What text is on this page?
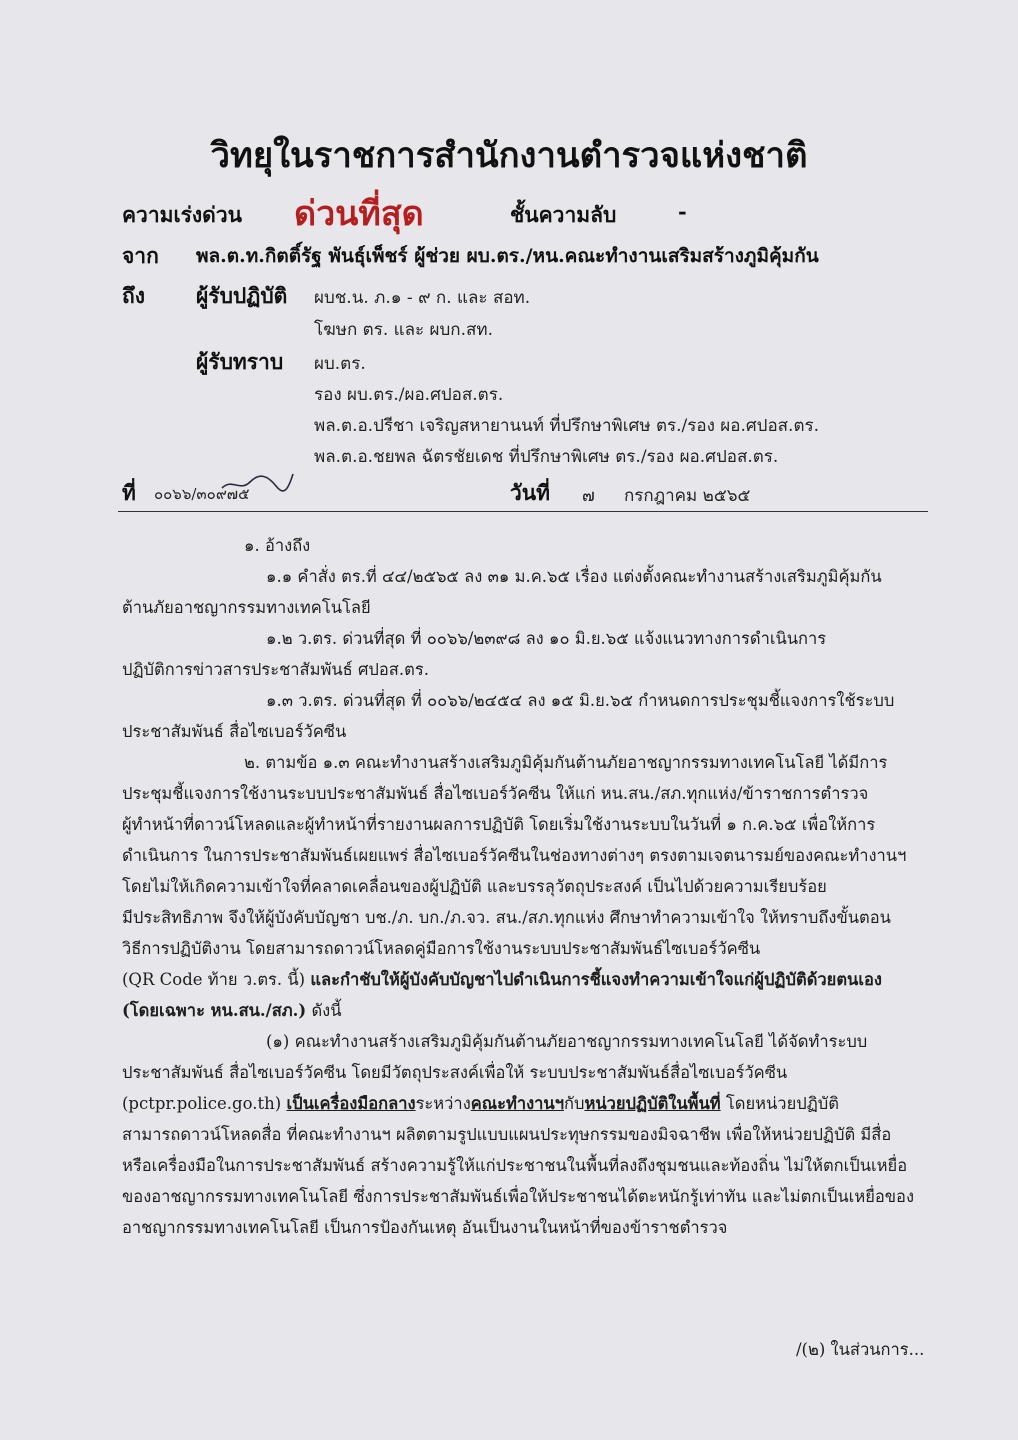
วิทยุในราชการสำนักงานตำรวจแห่งชาติ
ความเร่งด่วน ด่วนที่สุด	ชั้นความลับ	-
จาก พล.ต.ท.กิตติ์รัฐ พันธุ์เพ็ชร์ ผู้ช่วย ผบ.ตร./หน.คณะทำงานเสริมสร้างภูมิคุ้มกัน
ถึง ผู้รับปฏิบัติ ผบช.น. ภ.๑ - ๙ ก. และ สอท.
โฆษก ตร. และ ผบก.สท.
ผู้รับทราบ ผบ.ตร.
รอง ผบ.ตร./ผอ.ศปอส.ตร.
พล.ต.อ.ปรีชา เจริญสหายานนท์ ที่ปรึกษาพิเศษ ตร./รอง ผอ.ศปอส.ตร.
พล.ต.อ.ชยพล ฉัตรชัยเดช ที่ปรึกษาพิเศษ ตร./รอง ผอ.ศปอส.ตร.
ที่ ๐๐๖๖/๓๐๙๗๕	วันที่ ๗ กรกฎาคม ๒๕๖๕
๑. อ้างถึง
๑.๑ คำสั่ง ตร.ที่ ๔๔/๒๕๖๕ ลง ๓๑ ม.ค.๖๕ เรื่อง แต่งตั้งคณะทำงานสร้างเสริมภูมิคุ้มกัน
ต้านภัยอาชญากรรมทางเทคโนโลยี
๑.๒ ว.ตร. ด่วนที่สุด ที่ ๐๐๖๖/๒๓๙๘ ลง ๑๐ มิ.ย.๖๕ แจ้งแนวทางการดำเนินการ
ปฏิบัติการข่าวสารประชาสัมพันธ์ ศปอส.ตร.
๑.๓ ว.ตร. ด่วนที่สุด ที่ ๐๐๖๖/๒๔๕๔ ลง ๑๕ มิ.ย.๖๕ กำหนดการประชุมชี้แจงการใช้ระบบ
ประชาสัมพันธ์ สื่อไซเบอร์วัคซีน
๒. ตามข้อ ๑.๓ คณะทำงานสร้างเสริมภูมิคุ้มกันต้านภัยอาชญากรรมทางเทคโนโลยี ได้มีการ
ประชุมชี้แจงการใช้งานระบบประชาสัมพันธ์ สื่อไซเบอร์วัคซีน ให้แก่ หน.สน./สภ.ทุกแห่ง/ข้าราชการตำรวจ
ผู้ทำหน้าที่ดาวน์โหลดและผู้ทำหน้าที่รายงานผลการปฏิบัติ โดยเริ่มใช้งานระบบในวันที่ ๑ ก.ค.๖๕ เพื่อให้การ
ดำเนินการ ในการประชาสัมพันธ์เผยแพร่ สื่อไซเบอร์วัคซีนในช่องทางต่างๆ ตรงตามเจตนารมย์ของคณะทำงานฯ
โดยไม่ให้เกิดความเข้าใจที่คลาดเคลื่อนของผู้ปฏิบัติ และบรรลุวัตถุประสงค์ เป็นไปด้วยความเรียบร้อย
มีประสิทธิภาพ จึงให้ผู้บังคับบัญชา บช./ภ. บก./ภ.จว. สน./สภ.ทุกแห่ง ศึกษาทำความเข้าใจ ให้ทราบถึงขั้นตอน
วิธีการปฏิบัติงาน โดยสามารถดาวน์โหลดคู่มือการใช้งานระบบประชาสัมพันธ์ไซเบอร์วัคซีน
(QR Code ท้าย ว.ตร. นี้) และกำชับให้ผู้บังคับบัญชาไปดำเนินการชี้แจงทำความเข้าใจแก่ผู้ปฏิบัติด้วยตนเอง
(โดยเฉพาะ หน.สน./สภ.) ดังนี้
(๑) คณะทำงานสร้างเสริมภูมิคุ้มกันต้านภัยอาชญากรรมทางเทคโนโลยี ได้จัดทำระบบ
ประชาสัมพันธ์ สื่อไซเบอร์วัคซีน โดยมีวัตถุประสงค์เพื่อให้ ระบบประชาสัมพันธ์สื่อไซเบอร์วัคซีน
(pctpr.police.go.th) เป็นเครื่องมือกลางระหว่างคณะทำงานฯกับหน่วยปฏิบัติในพื้นที่ โดยหน่วยปฏิบัติ
สามารถดาวน์โหลดสื่อ ที่คณะทำงานฯ ผลิตตามรูปแบบแผนประทุษกรรมของมิจฉาชีพ เพื่อให้หน่วยปฏิบัติ มีสื่อ
หรือเครื่องมือในการประชาสัมพันธ์ สร้างความรู้ให้แก่ประชาชนในพื้นที่ลงถึงชุมชนและท้องถิ่น ไม่ให้ตกเป็นเหยื่อ
ของอาชญากรรมทางเทคโนโลยี ซึ่งการประชาสัมพันธ์เพื่อให้ประชาชนได้ตะหนักรู้เท่าทัน และไม่ตกเป็นเหยื่อของ
อาชญากรรมทางเทคโนโลยี เป็นการป้องกันเหตุ อันเป็นงานในหน้าที่ของข้าราชตำรวจ
/(๒) ในส่วนการ...
